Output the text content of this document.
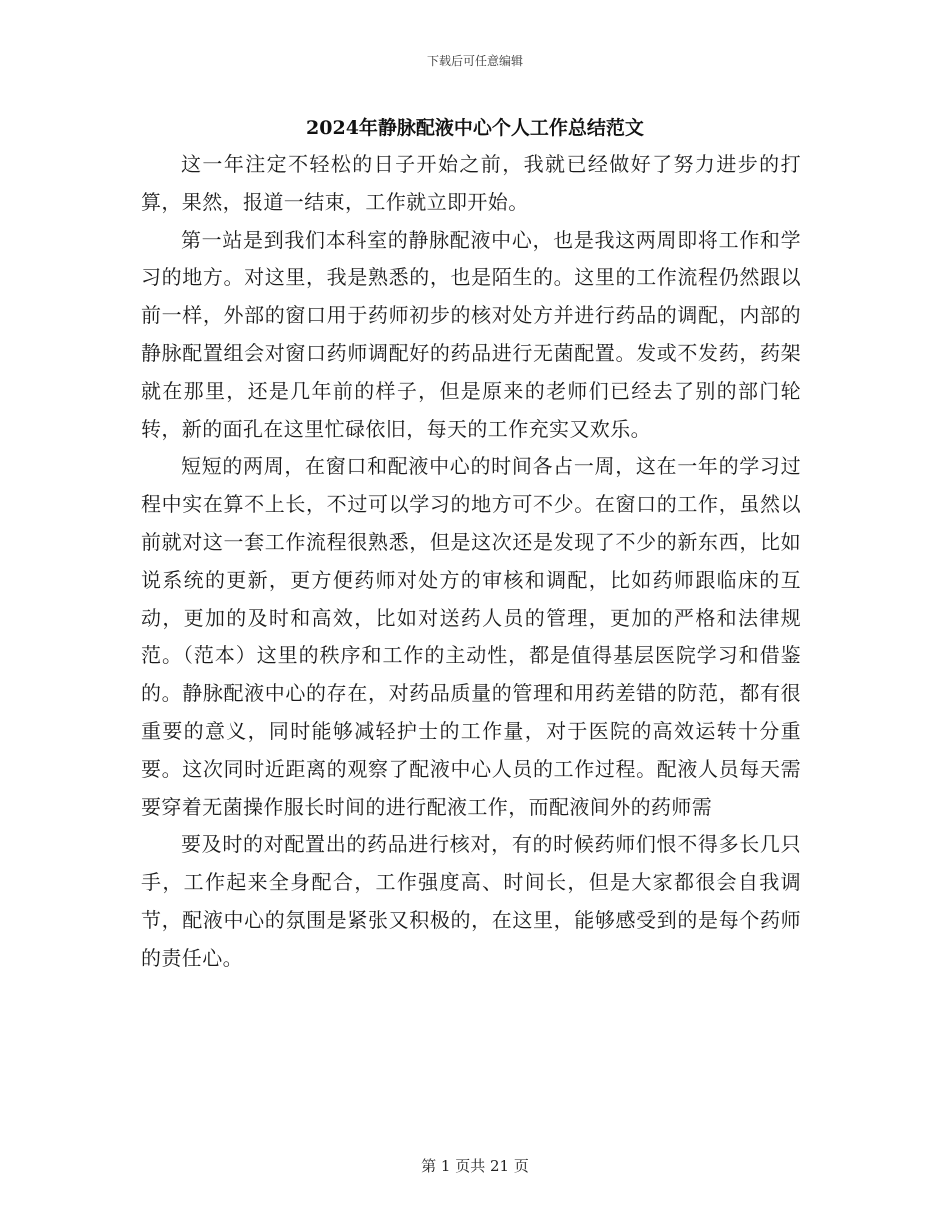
下载后可任意编辑
2024年静脉配液中心个人工作总结范文

这一年注定不轻松的日子开始之前，我就已经做好了努力进步的打算，果然，报道一结束，工作就立即开始。

第一站是到我们本科室的静脉配液中心，也是我这两周即将工作和学习的地方。对这里，我是熟悉的，也是陌生的。这里的工作流程仍然跟以前一样，外部的窗口用于药师初步的核对处方并进行药品的调配，内部的静脉配置组会对窗口药师调配好的药品进行无菌配置。发或不发药，药架就在那里，还是几年前的样子，但是原来的老师们已经去了别的部门轮转，新的面孔在这里忙碌依旧，每天的工作充实又欢乐。

短短的两周，在窗口和配液中心的时间各占一周，这在一年的学习过程中实在算不上长，不过可以学习的地方可不少。在窗口的工作，虽然以前就对这一套工作流程很熟悉，但是这次还是发现了不少的新东西，比如说系统的更新，更方便药师对处方的审核和调配，比如药师跟临床的互动，更加的及时和高效，比如对送药人员的管理，更加的严格和法律规范。（范本）这里的秩序和工作的主动性，都是值得基层医院学习和借鉴的。静脉配液中心的存在，对药品质量的管理和用药差错的防范，都有很重要的意义，同时能够减轻护士的工作量，对于医院的高效运转十分重要。这次同时近距离的观察了配液中心人员的工作过程。配液人员每天需要穿着无菌操作服长时间的进行配液工作，而配液间外的药师需

要及时的对配置出的药品进行核对，有的时候药师们恨不得多长几只手，工作起来全身配合，工作强度高、时间长，但是大家都很会自我调节，配液中心的氛围是紧张又积极的，在这里，能够感受到的是每个药师的责任心。

第 1 页共 21 页
